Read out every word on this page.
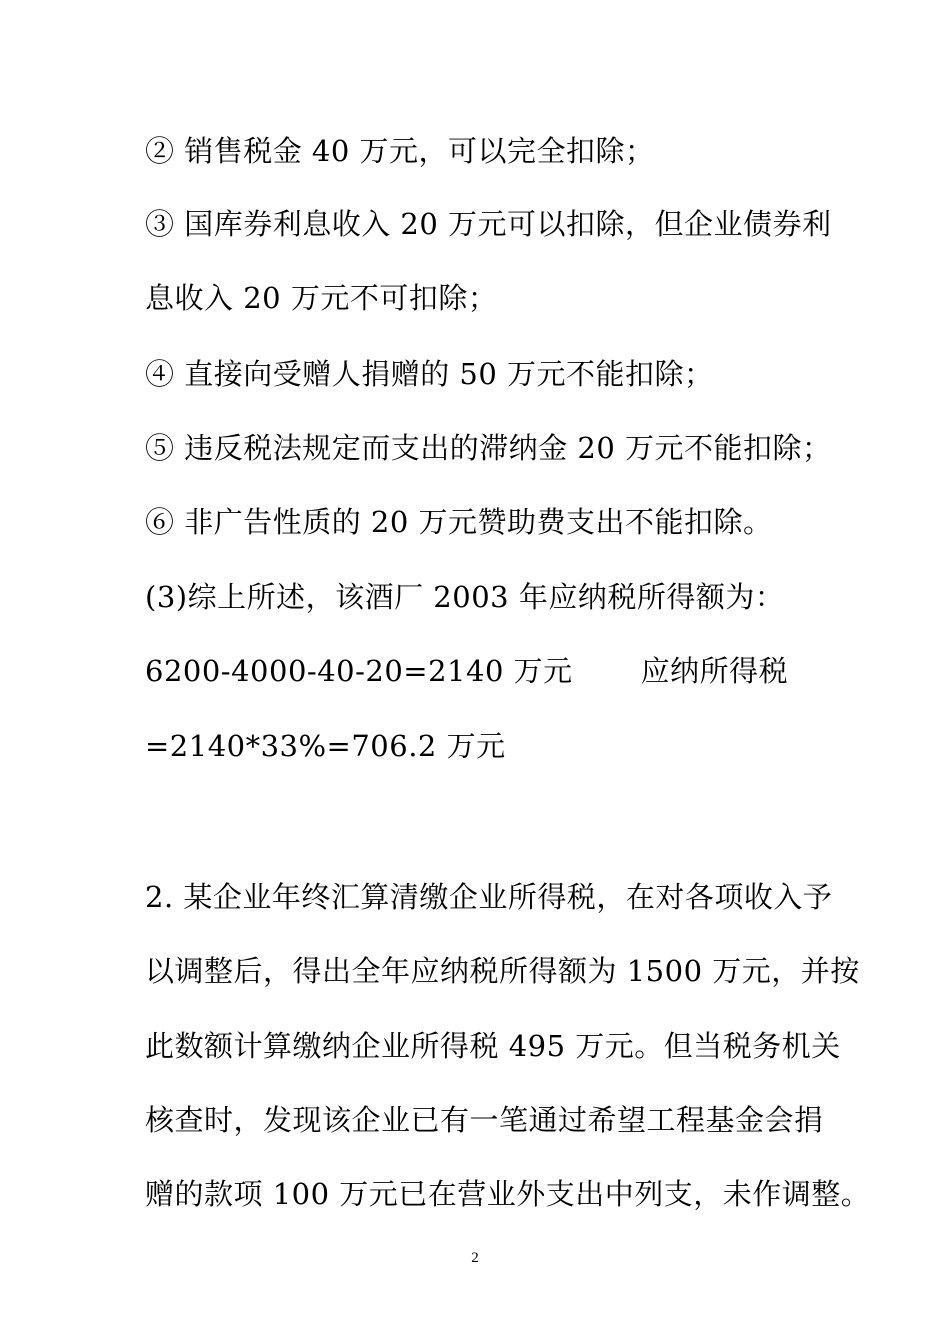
② 销售税金 40 万元，可以完全扣除；
③ 国库券利息收入 20 万元可以扣除，但企业债券利
息收入 20 万元不可扣除；
④ 直接向受赠人捐赠的 50 万元不能扣除；
⑤ 违反税法规定而支出的滞纳金 20 万元不能扣除；
⑥ 非广告性质的 20 万元赞助费支出不能扣除。
(3)综上所述，该酒厂 2003 年应纳税所得额为：
6200-4000-40-20=2140 万元       应纳所得税
=2140*33%=706.2 万元
2. 某企业年终汇算清缴企业所得税，在对各项收入予
以调整后，得出全年应纳税所得额为 1500 万元，并按
此数额计算缴纳企业所得税 495 万元。但当税务机关
核查时，发现该企业已有一笔通过希望工程基金会捐
赠的款项 100 万元已在营业外支出中列支，未作调整。
2
